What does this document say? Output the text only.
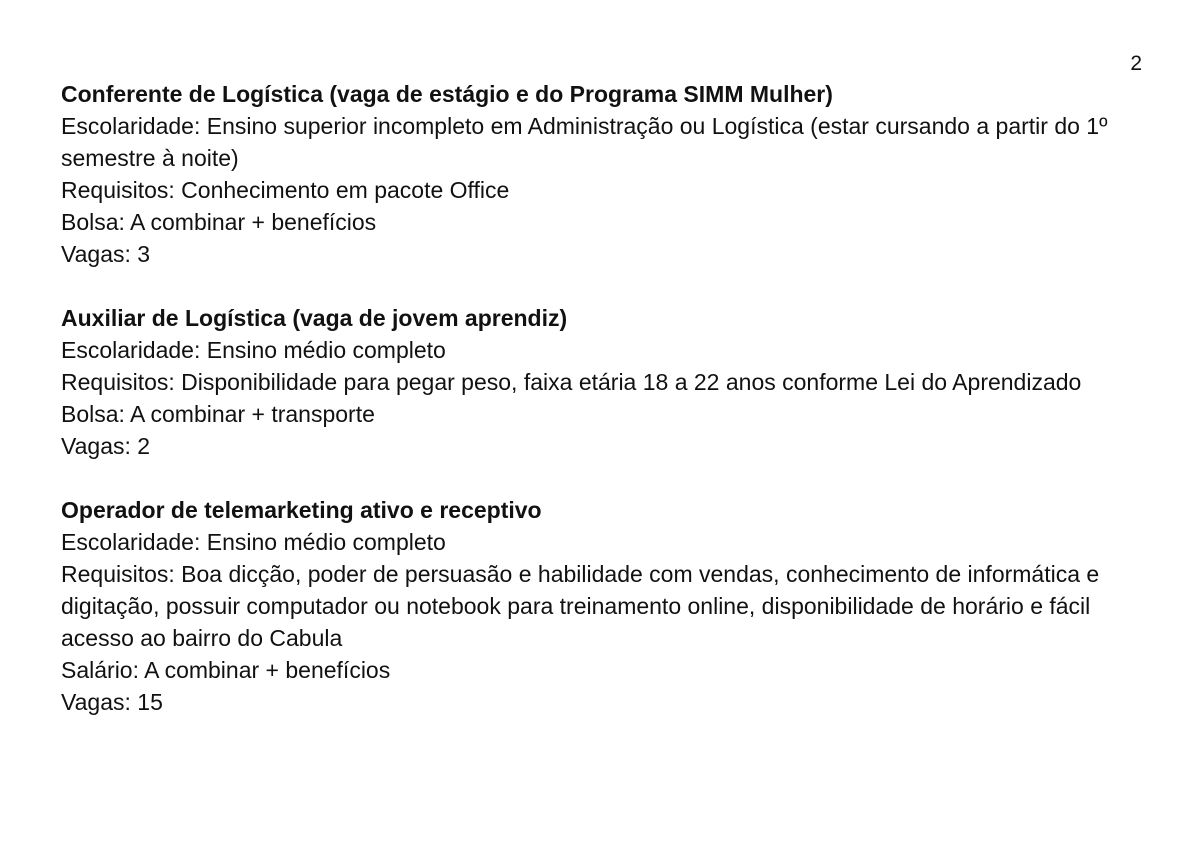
2

Conferente de Logística (vaga de estágio e do Programa SIMM Mulher)

Escolaridade: Ensino superior incompleto em Administração ou Logística (estar cursando a partir do 1º semestre à noite)

Requisitos: Conhecimento em pacote Office

Bolsa: A combinar + benefícios

Vagas: 3

Auxiliar de Logística (vaga de jovem aprendiz)

Escolaridade: Ensino médio completo

Requisitos: Disponibilidade para pegar peso, faixa etária 18 a 22 anos conforme Lei do Aprendizado

Bolsa: A combinar + transporte

Vagas: 2

Operador de telemarketing ativo e receptivo

Escolaridade: Ensino médio completo

Requisitos: Boa dicção, poder de persuasão e habilidade com vendas, conhecimento de informática e digitação, possuir computador ou notebook para treinamento online, disponibilidade de horário e fácil acesso ao bairro do Cabula

Salário: A combinar + benefícios

Vagas: 15
